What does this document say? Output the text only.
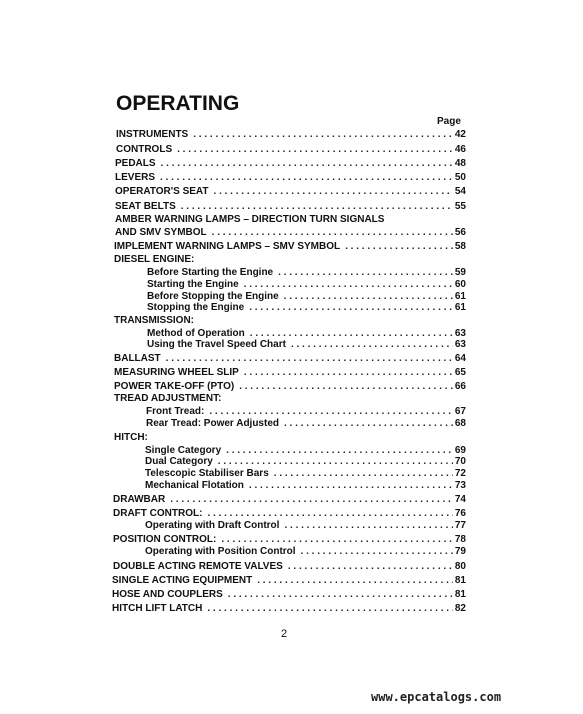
OPERATING
Page
INSTRUMENTS . . .	42
CONTROLS . . .	46
PEDALS . . .	48
LEVERS . . .	50
OPERATOR'S SEAT . . .	54
SEAT BELTS . . .	55
AMBER WARNING LAMPS – DIRECTION TURN SIGNALS
AND SMV SYMBOL . . .	56
IMPLEMENT WARNING LAMPS – SMV SYMBOL . . .	58
DIESEL ENGINE:
Before Starting the Engine . . .	59
Starting the Engine . . .	60
Before Stopping the Engine . . .	61
Stopping the Engine . . .	61
TRANSMISSION:
Method of Operation . . .	63
Using the Travel Speed Chart . . .	63
BALLAST . . .	64
MEASURING WHEEL SLIP . . .	65
POWER TAKE-OFF (PTO) . . .	66
TREAD ADJUSTMENT:
Front Tread: . . .	67
Rear Tread: Power Adjusted . . .	68
HITCH:
Single Category . . .	69
Dual Category . . .	70
Telescopic Stabiliser Bars . . .	72
Mechanical Flotation . . .	73
DRAWBAR . . .	74
DRAFT CONTROL: . . .	76
Operating with Draft Control . . .	77
POSITION CONTROL: . . .	78
Operating with Position Control . . .	79
DOUBLE ACTING REMOTE VALVES . . .	80
SINGLE ACTING EQUIPMENT . . .	81
HOSE AND COUPLERS . . .	81
HITCH LIFT LATCH . . .	82
2
www.epcatalogs.com
